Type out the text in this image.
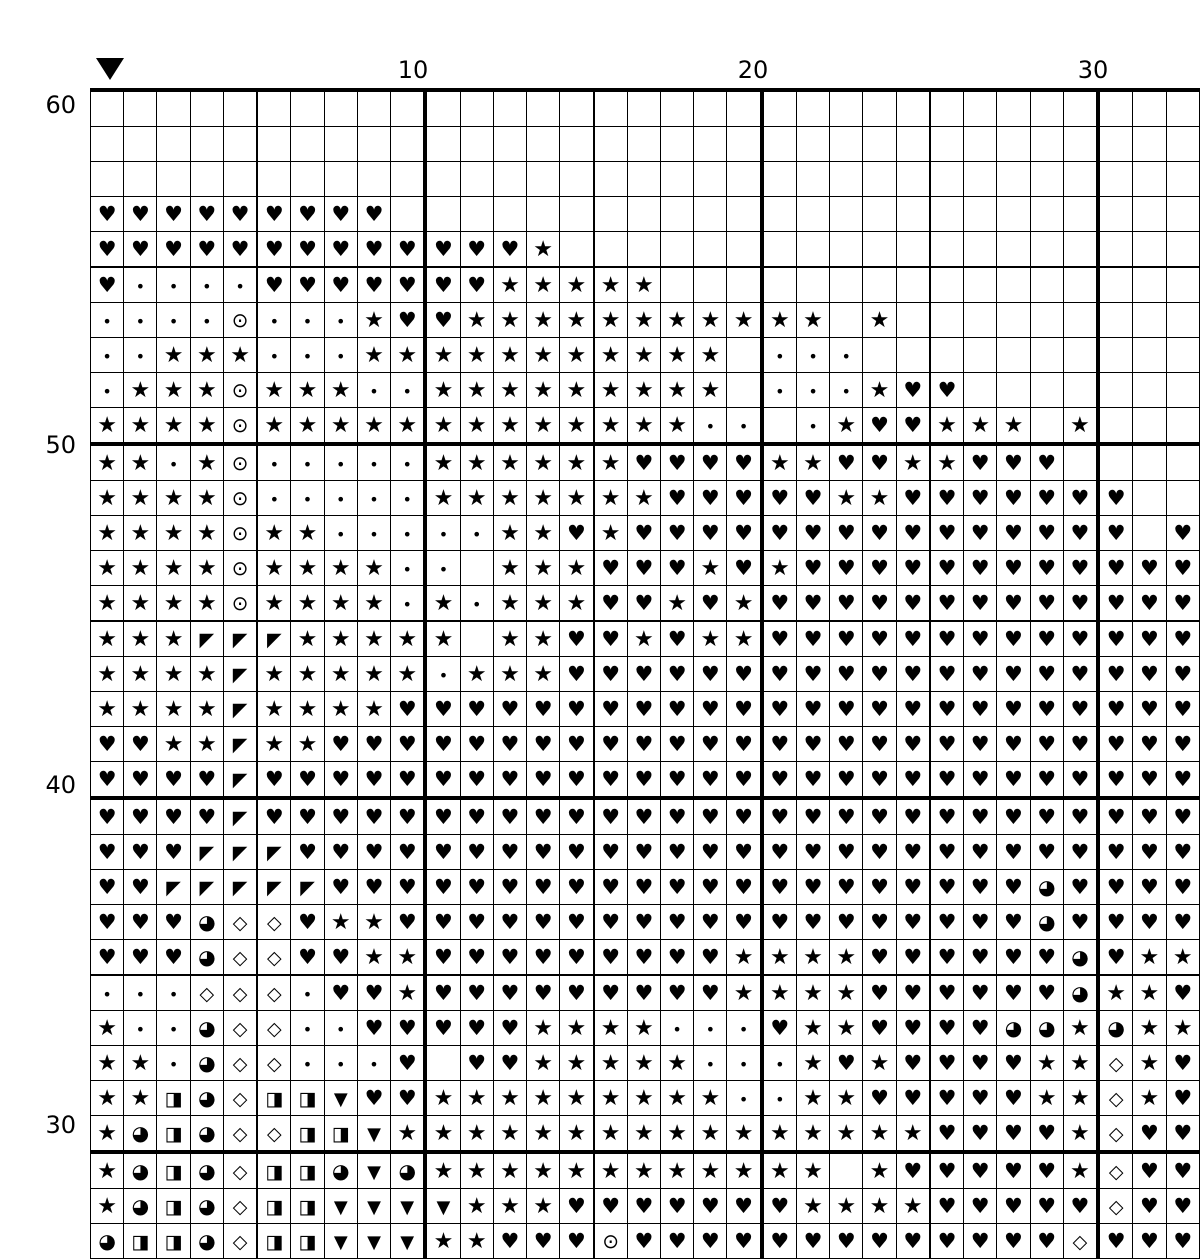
10	20	30
60
50
40
30

♥	♥	♥	♥	♥	♥	♥	♥	♥																								
♥	♥	♥	♥	♥	♥	♥	♥	♥	♥	♥	♥	♥	★																			
♥	•	•	•	•	♥	♥	♥	♥	♥	♥	♥	★	★	★	★	★																
•	•	•	•	⊙	•	•	•	★	♥	♥	★	★	★	★	★	★	★	★	★	★	★		★									
•	•	★	★	★	•	•	•	★	★	★	★	★	★	★	★	★	★	★		•	•	•										
•	★	★	★	⊙	★	★	★	•	•	★	★	★	★	★	★	★	★	★		•	•	•	★	♥	♥							
★	★	★	★	⊙	★	★	★	★	★	★	★	★	★	★	★	★	★	•	•		•	★	♥	♥	★	★	★		★			
★	★	•	★	⊙	•	•	•	•	•	★	★	★	★	★	★	♥	♥	♥	♥	★	★	♥	♥	★	★	♥	♥	♥				
★	★	★	★	⊙	•	•	•	•	•	★	★	★	★	★	★	★	♥	♥	♥	♥	♥	★	★	♥	♥	♥	♥	♥	♥	♥		
★	★	★	★	⊙	★	★	•	•	•	•	•	★	★	♥	★	♥	♥	♥	♥	♥	♥	♥	♥	♥	♥	♥	♥	♥	♥	♥		♥
★	★	★	★	⊙	★	★	★	★	•	•		★	★	★	♥	♥	♥	★	♥	★	♥	♥	♥	♥	♥	♥	♥	♥	♥	♥	♥	♥
★	★	★	★	⊙	★	★	★	★	•	★	•	★	★	★	♥	♥	★	♥	★	♥	♥	♥	♥	♥	♥	♥	♥	♥	♥	♥	♥	♥
★	★	★	◤	◤	◤	★	★	★	★	★		★	★	♥	♥	★	♥	★	★	♥	♥	♥	♥	♥	♥	♥	♥	♥	♥	♥	♥	♥
★	★	★	★	◤	★	★	★	★	★	•	★	★	★	♥	♥	♥	♥	♥	♥	♥	♥	♥	♥	♥	♥	♥	♥	♥	♥	♥	♥	♥
★	★	★	★	◤	★	★	★	★	♥	♥	♥	♥	♥	♥	♥	♥	♥	♥	♥	♥	♥	♥	♥	♥	♥	♥	♥	♥	♥	♥	♥	♥
♥	♥	★	★	◤	★	★	♥	♥	♥	♥	♥	♥	♥	♥	♥	♥	♥	♥	♥	♥	♥	♥	♥	♥	♥	♥	♥	♥	♥	♥	♥	♥
♥	♥	♥	♥	◤	♥	♥	♥	♥	♥	♥	♥	♥	♥	♥	♥	♥	♥	♥	♥	♥	♥	♥	♥	♥	♥	♥	♥	♥	♥	♥	♥	♥
♥	♥	♥	♥	◤	♥	♥	♥	♥	♥	♥	♥	♥	♥	♥	♥	♥	♥	♥	♥	♥	♥	♥	♥	♥	♥	♥	♥	♥	♥	♥	♥	♥
♥	♥	♥	◤	◤	◤	♥	♥	♥	♥	♥	♥	♥	♥	♥	♥	♥	♥	♥	♥	♥	♥	♥	♥	♥	♥	♥	♥	♥	♥	♥	♥	♥
♥	♥	◤	◤	◤	◤	◤	♥	♥	♥	♥	♥	♥	♥	♥	♥	♥	♥	♥	♥	♥	♥	♥	♥	♥	♥	♥	♥	◕	♥	♥	♥	♥
♥	♥	♥	◕	◇	◇	♥	★	★	♥	♥	♥	♥	♥	♥	♥	♥	♥	♥	♥	♥	♥	♥	♥	♥	♥	♥	♥	◕	♥	♥	♥	♥
♥	♥	♥	◕	◇	◇	♥	♥	★	★	♥	♥	♥	♥	♥	♥	♥	♥	♥	★	★	★	★	♥	♥	♥	♥	♥	♥	◕	♥	★	★
•	•	•	◇	◇	◇	•	♥	♥	★	♥	♥	♥	♥	♥	♥	♥	♥	♥	★	★	★	★	♥	♥	♥	♥	♥	♥	◕	★	★	♥
★	•	•	◕	◇	◇	•	•	♥	♥	♥	♥	♥	★	★	★	★	•	•	•	♥	★	★	♥	♥	♥	♥	◕	◕	★	◕	★	★
★	★	•	◕	◇	◇	•	•	•	♥		♥	♥	★	★	★	★	★	•	•	•	★	♥	★	♥	♥	♥	♥	★	★	◇	★	♥
★	★	◨	◕	◇	◨	◨	▼	♥	♥	★	★	★	★	★	★	★	★	★	•	•	★	★	♥	♥	♥	♥	♥	★	★	◇	★	♥
★	◕	◨	◕	◇	◇	◨	◨	▼	★	★	★	★	★	★	★	★	★	★	★	★	★	★	★	★	♥	♥	♥	♥	★	◇	♥	♥
★	◕	◨	◕	◇	◨	◨	◕	▼	◕	★	★	★	★	★	★	★	★	★	★	★	★		★	♥	♥	♥	♥	♥	★	◇	♥	♥
★	◕	◨	◕	◇	◨	◨	▼	▼	▼	▼	★	★	★	♥	♥	♥	♥	♥	♥	♥	★	★	★	★	♥	♥	♥	♥	♥	◇	♥	♥
◕	◨	◨	◕	◇	◨	◨	▼	▼	▼	★	★	♥	♥	♥	⊙	♥	♥	♥	♥	♥	♥	♥	♥	♥	♥	♥	♥	♥	◇	♥	♥	♥
